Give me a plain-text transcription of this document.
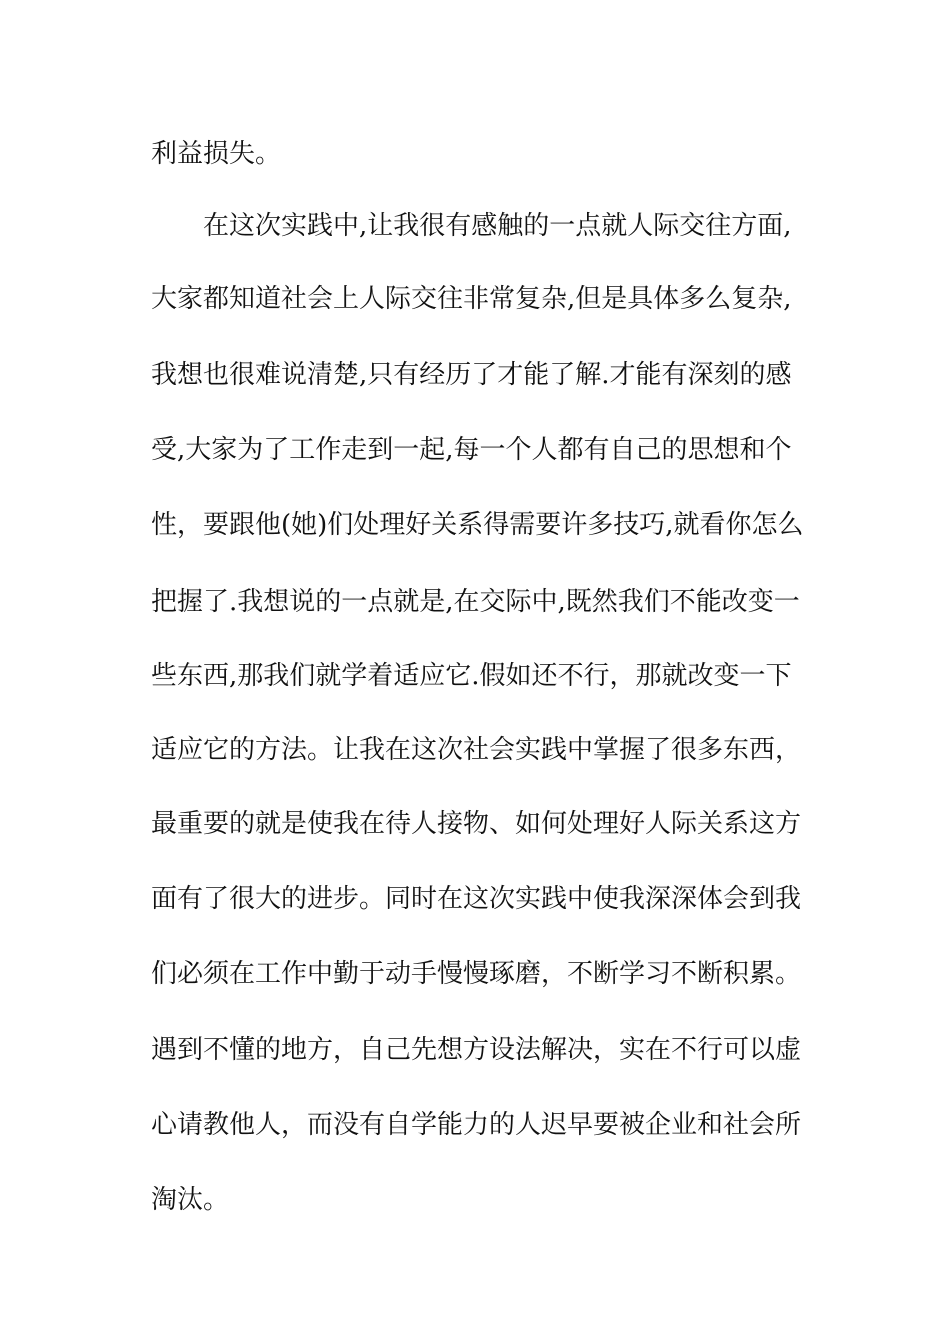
利益损失。
在这次实践中,让我很有感触的一点就人际交往方面,
大家都知道社会上人际交往非常复杂,但是具体多么复杂,
我想也很难说清楚,只有经历了才能了解.才能有深刻的感
受,大家为了工作走到一起,每一个人都有自己的思想和个
性，要跟他(她)们处理好关系得需要许多技巧,就看你怎么
把握了.我想说的一点就是,在交际中,既然我们不能改变一
些东西,那我们就学着适应它.假如还不行，那就改变一下
适应它的方法。让我在这次社会实践中掌握了很多东西，
最重要的就是使我在待人接物、如何处理好人际关系这方
面有了很大的进步。同时在这次实践中使我深深体会到我
们必须在工作中勤于动手慢慢琢磨，不断学习不断积累。
遇到不懂的地方，自己先想方设法解决，实在不行可以虚
心请教他人，而没有自学能力的人迟早要被企业和社会所
淘汰。
